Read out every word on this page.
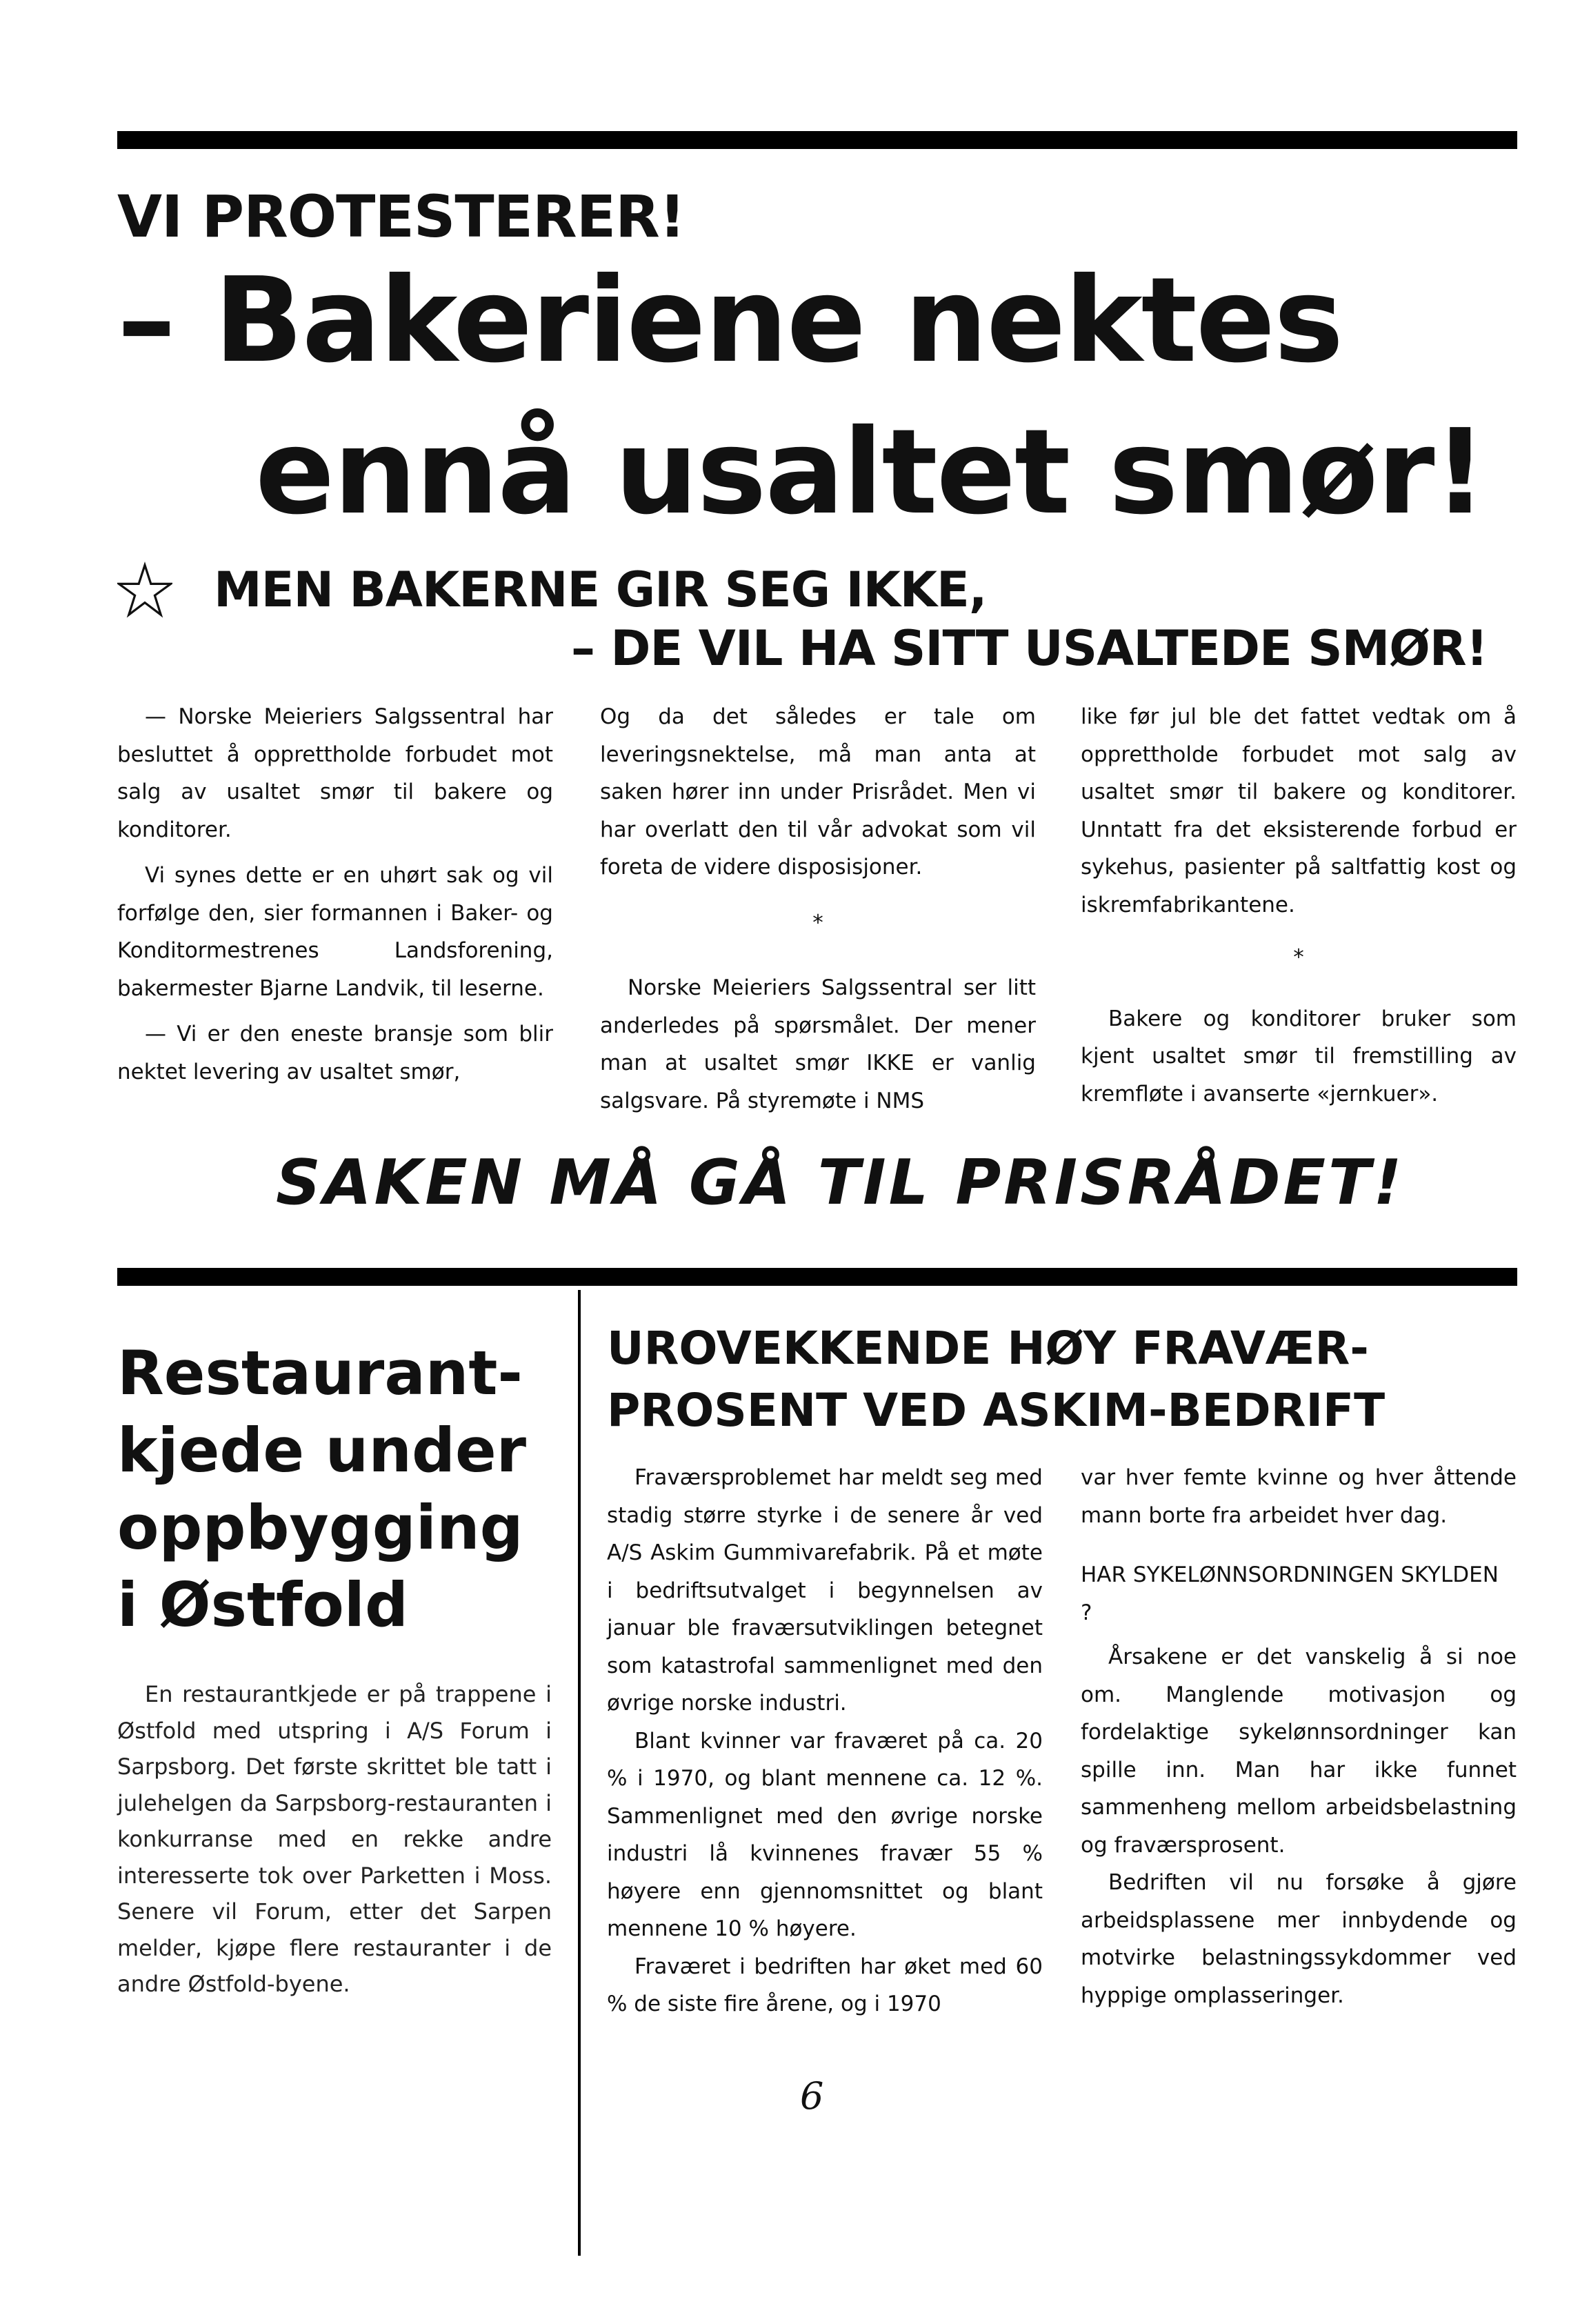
VI PROTESTERER!
– Bakeriene nektes
ennå usaltet smør!
MEN BAKERNE GIR SEG IKKE,
– DE VIL HA SITT USALTEDE SMØR!

— Norske Meieriers Salgssentral har besluttet å opprettholde forbudet mot salg av usaltet smør til bakere og konditorer.

Vi synes dette er en uhørt sak og vil forfølge den, sier formannen i Baker- og Konditormestrenes Landsforening, bakermester Bjarne Landvik, til leserne.

— Vi er den eneste bransje som blir nektet levering av usaltet smør,

Og da det således er tale om leveringsnektelse, må man anta at saken hører inn under Prisrådet. Men vi har overlatt den til vår advokat som vil foreta de videre disposisjoner.

*

Norske Meieriers Salgssentral ser litt anderledes på spørsmålet. Der mener man at usaltet smør IKKE er vanlig salgsvare. På styremøte i NMS

like før jul ble det fattet vedtak om å opprettholde forbudet mot salg av usaltet smør til bakere og konditorer. Unntatt fra det eksisterende forbud er sykehus, pasienter på saltfattig kost og iskremfabrikantene.

*

Bakere og konditorer bruker som kjent usaltet smør til fremstilling av kremfløte i avanserte «jernkuer».

SAKEN MÅ GÅ TIL PRISRÅDET!
Restaurant-
kjede under
oppbygging
i Østfold

En restaurantkjede er på trappene i Østfold med utspring i A/S Forum i Sarpsborg. Det første skrittet ble tatt i julehelgen da Sarpsborg-restauranten i konkurranse med en rekke andre interesserte tok over Parketten i Moss. Senere vil Forum, etter det Sarpen melder, kjøpe flere restauranter i de andre Østfold-byene.

UROVEKKENDE HØY FRAVÆR-
PROSENT VED ASKIM-BEDRIFT

Fraværsproblemet har meldt seg med stadig større styrke i de senere år ved A/S Askim Gummivarefabrik. På et møte i bedriftsutvalget i begynnelsen av januar ble fraværsutviklingen betegnet som katastrofal sammenlignet med den øvrige norske industri.

Blant kvinner var fraværet på ca. 20 % i 1970, og blant mennene ca. 12 %. Sammenlignet med den øvrige norske industri lå kvinnenes fravær 55 % høyere enn gjennomsnittet og blant mennene 10 % høyere.

Fraværet i bedriften har øket med 60 % de siste fire årene, og i 1970

var hver femte kvinne og hver åttende mann borte fra arbeidet hver dag.

HAR SYKELØNNSORDNINGEN SKYLDEN ?

Årsakene er det vanskelig å si noe om. Manglende motivasjon og fordelaktige sykelønnsordninger kan spille inn. Man har ikke funnet sammenheng mellom arbeidsbelastning og fraværsprosent.

Bedriften vil nu forsøke å gjøre arbeidsplassene mer innbydende og motvirke belastningssykdommer ved hyppige omplasseringer.

6
